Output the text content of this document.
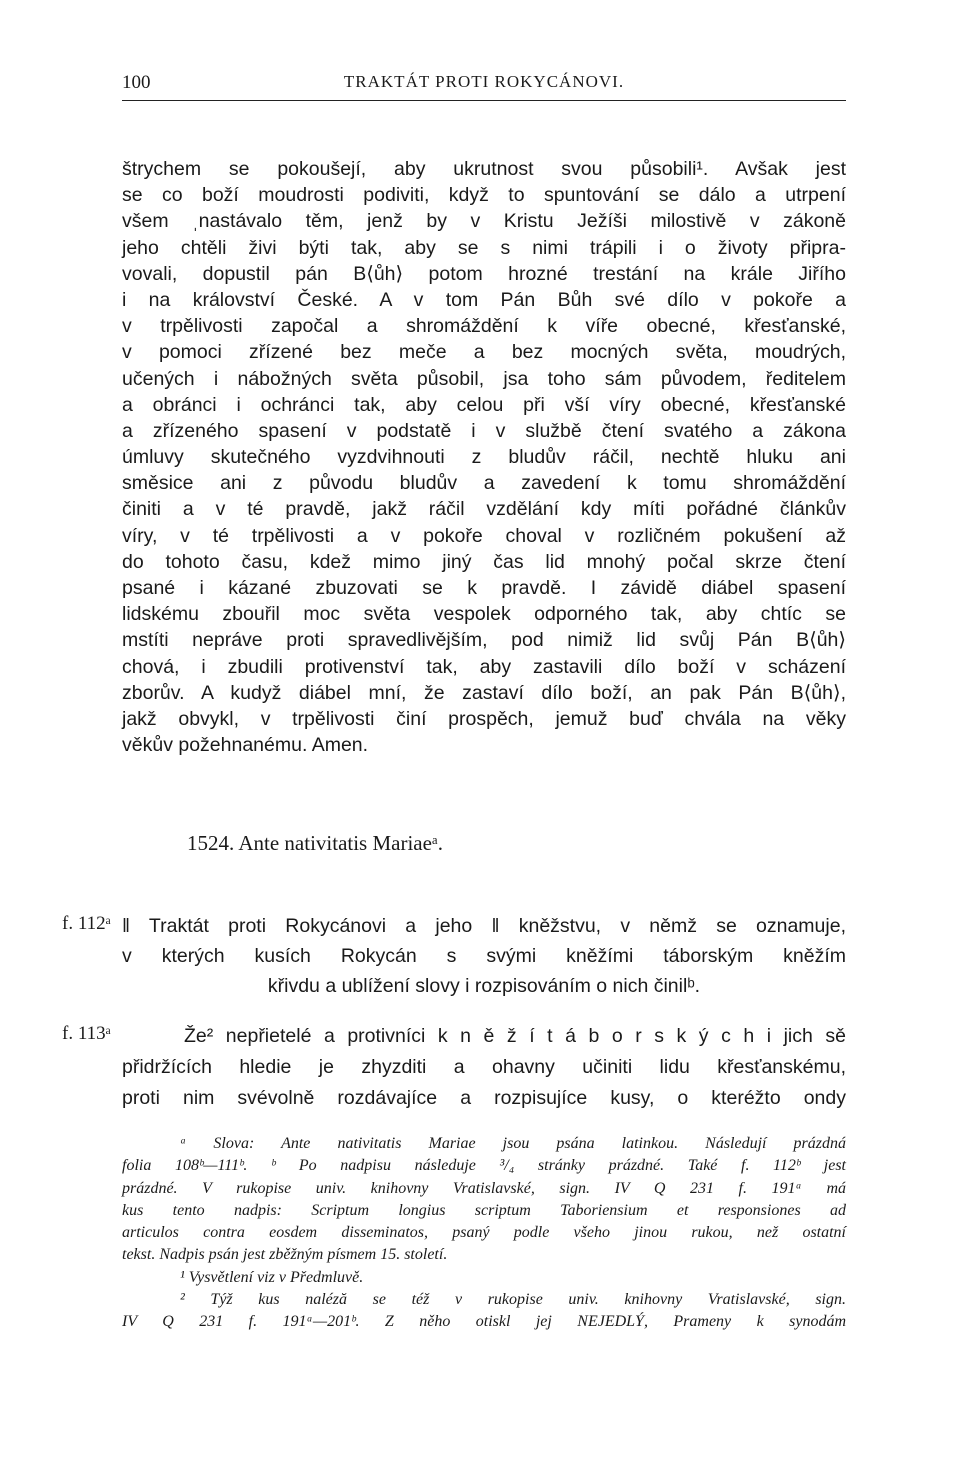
100	TRAKTÁT PROTI ROKYCÁNOVI.
štrychem se pokoušejí, aby ukrutnost svou působili¹. Avšak jest
se co boží moudrosti podiviti, když to spuntování se dálo a utrpení
všem ˌnastávalo těm, jenž by v Kristu Ježíši milostivě v zákoně
jeho chtěli živi býti tak, aby se s nimi trápili i o životy připra-
vovali, dopustil pán B⟨ůh⟩ potom hrozné trestání na krále Jiřího
i na království České. A v tom Pán Bůh své dílo v pokoře a
v trpělivosti započal a shromáždění k víře obecné, křesťanské,
v pomoci zřízené bez meče a bez mocných světa, moudrých,
učených i nábožných světa působil, jsa toho sám původem, ředitelem
a obránci i ochránci tak, aby celou při vší víry obecné, křesťanské
a zřízeného spasení v podstatě i v službě čtení svatého a zákona
úmluvy skutečného vyzdvihnouti z bludův ráčil, nechtě hluku ani
směsice ani z původu bludův a zavedení k tomu shromáždění
činiti a v té pravdě, jakž ráčil vzdělání kdy míti pořádné článkův
víry, v té trpělivosti a v pokoře choval v rozličném pokušení až
do tohoto času, kdež mimo jiný čas lid mnohý počal skrze čtení
psané i kázané zbuzovati se k pravdě. I závidě diábel spasení
lidskému zbouřil moc světa vespolek odporného tak, aby chtíc se
mstíti nepráve proti spravedlivějším, pod nimiž lid svůj Pán B⟨ůh⟩
chová, i zbudili protivenství tak, aby zastavili dílo boží v scházení
zborův. A kudyž diábel mní, že zastaví dílo boží, an pak Pán B⟨ůh⟩,
jakž obvykl, v trpělivosti činí prospěch, jemuž buď chvála na věky
věkův požehnanému. Amen.
1524. Ante nativitatis Mariaeᵃ.
f. 112ᵃ ‖ Traktát proti Rokycánovi a jeho ‖ kněžstvu, v němž se oznamuje,
v kterých kusích Rokycán s svými kněžími táborským kněžím
křivdu a ublížení slovy i rozpisováním o nich činilᵇ.
f. 113ᵃ	Že² nepřietelé a protivníci k n ě ž í t á b o r s k ý c h i jich sě
přidržících hledie je zhyzditi a ohavny učiniti lidu křesťanskému,
proti nim svévolně rozdávajíce a rozpisujíce kusy, o kteréžto ondy
ᵃ Slova: Ante nativitatis Mariae jsou psána latinkou. Následují prázdná
folia 108ᵇ—111ᵇ. ᵇ Po nadpisu následuje ³/₄ stránky prázdné. Také f. 112ᵇ jest
prázdné. V rukopise univ. knihovny Vratislavské, sign. IV Q 231 f. 191ᵃ má
kus tento nadpis: Scriptum longius scriptum Taboriensium et responsiones ad
articulos contra eosdem disseminatos, psaný podle všeho jinou rukou, než ostatní
tekst. Nadpis psán jest zběžným písmem 15. století.
¹ Vysvětlení viz v Předmluvě.
² Týž kus naléză se též v rukopise univ. knihovny Vratislavské, sign.
IV Q 231 f. 191ᵃ—201ᵇ. Z něho otiskl jej NEJEDLÝ, Prameny k synodám
